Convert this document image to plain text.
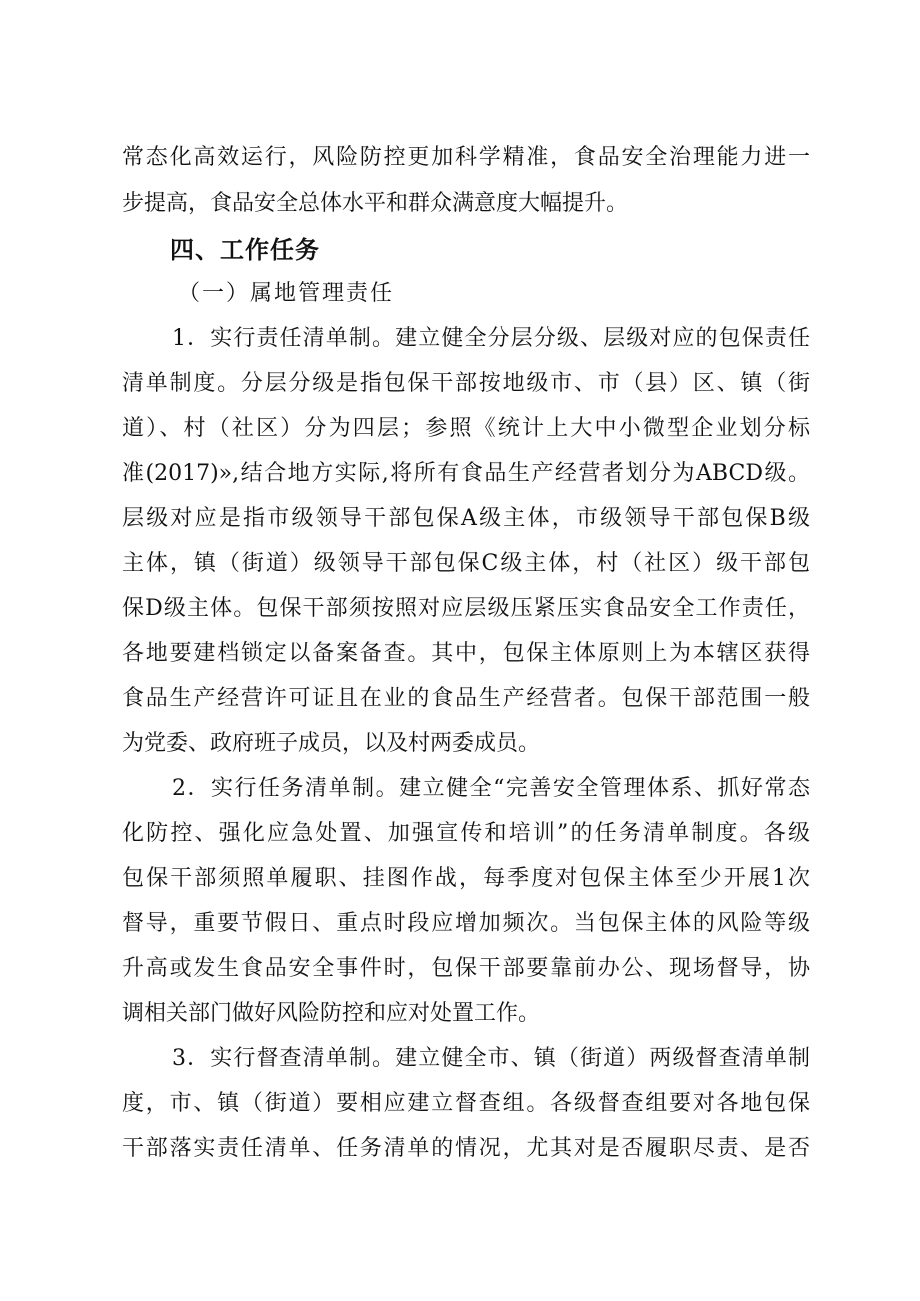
常态化高效运行，风险防控更加科学精准，食品安全治理能力进一
步提高，食品安全总体水平和群众满意度大幅提升。
四、工作任务
（一）属地管理责任
1．实行责任清单制。建立健全分层分级、层级对应的包保责任
清单制度。分层分级是指包保干部按地级市、市（县）区、镇（街
道）、村（社区）分为四层；参照《统计上大中小微型企业划分标
准(2017)»,结合地方实际,将所有食品生产经营者划分为ABCD级。
层级对应是指市级领导干部包保A级主体，市级领导干部包保B级
主体，镇（街道）级领导干部包保C级主体，村（社区）级干部包
保D级主体。包保干部须按照对应层级压紧压实食品安全工作责任，
各地要建档锁定以备案备查。其中，包保主体原则上为本辖区获得
食品生产经营许可证且在业的食品生产经营者。包保干部范围一般
为党委、政府班子成员，以及村两委成员。
2．实行任务清单制。建立健全“完善安全管理体系、抓好常态
化防控、强化应急处置、加强宣传和培训”的任务清单制度。各级
包保干部须照单履职、挂图作战，每季度对包保主体至少开展1次
督导，重要节假日、重点时段应增加频次。当包保主体的风险等级
升高或发生食品安全事件时，包保干部要靠前办公、现场督导，协
调相关部门做好风险防控和应对处置工作。
3．实行督查清单制。建立健全市、镇（街道）两级督查清单制
度，市、镇（街道）要相应建立督查组。各级督查组要对各地包保
干部落实责任清单、任务清单的情况，尤其对是否履职尽责、是否
